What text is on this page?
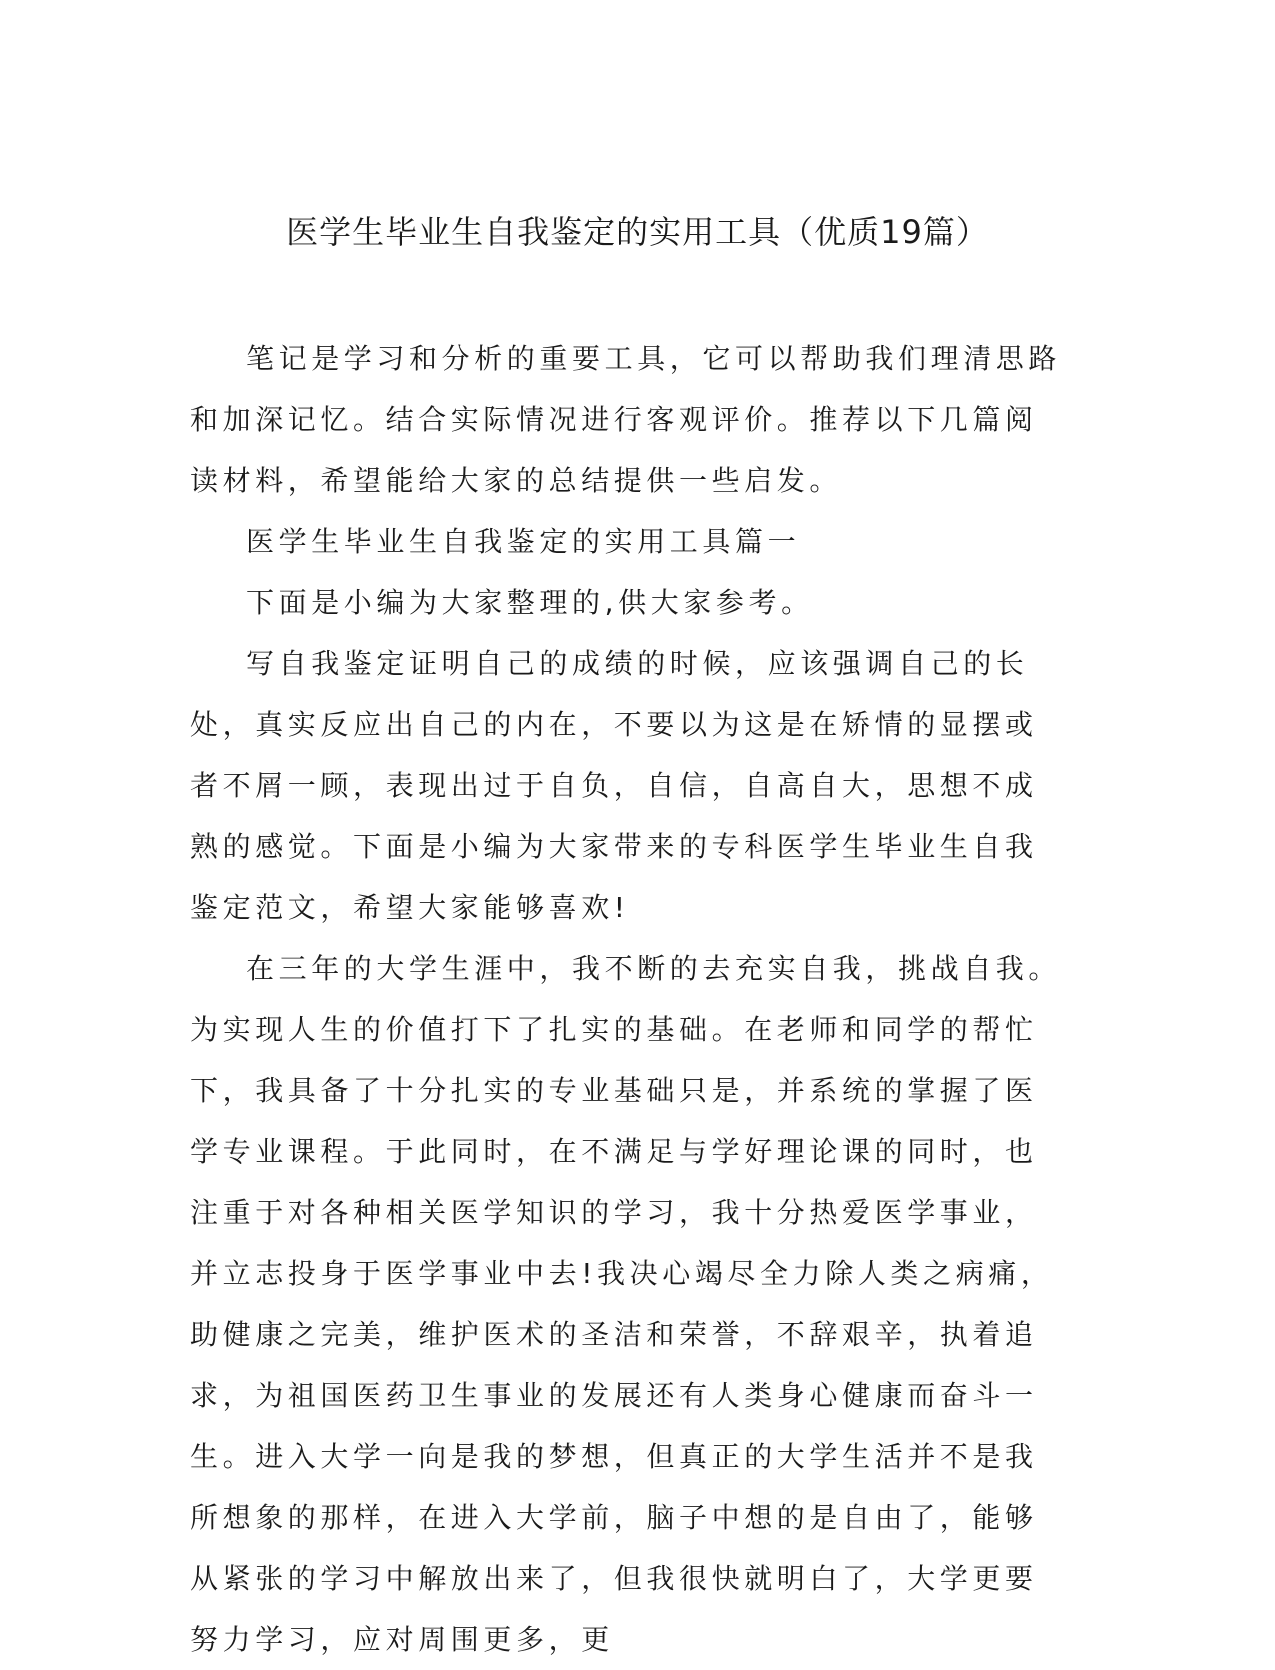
医学生毕业生自我鉴定的实用工具（优质19篇）

笔记是学习和分析的重要工具，它可以帮助我们理清思路和加深记忆。结合实际情况进行客观评价。推荐以下几篇阅读材料，希望能给大家的总结提供一些启发。

医学生毕业生自我鉴定的实用工具篇一

下面是小编为大家整理的,供大家参考。

写自我鉴定证明自己的成绩的时候，应该强调自己的长处，真实反应出自己的内在，不要以为这是在矫情的显摆或者不屑一顾，表现出过于自负，自信，自高自大，思想不成熟的感觉。下面是小编为大家带来的专科医学生毕业生自我鉴定范文，希望大家能够喜欢!

在三年的大学生涯中，我不断的去充实自我，挑战自我。为实现人生的价值打下了扎实的基础。在老师和同学的帮忙下，我具备了十分扎实的专业基础只是，并系统的掌握了医学专业课程。于此同时，在不满足与学好理论课的同时，也注重于对各种相关医学知识的学习，我十分热爱医学事业，并立志投身于医学事业中去!我决心竭尽全力除人类之病痛，助健康之完美，维护医术的圣洁和荣誉，不辞艰辛，执着追求，为祖国医药卫生事业的发展还有人类身心健康而奋斗一生。进入大学一向是我的梦想，但真正的大学生活并不是我所想象的那样，在进入大学前，脑子中想的是自由了，能够从紧张的学习中解放出来了，但我很快就明白了，大学更要努力学习，应对周围更多，更
